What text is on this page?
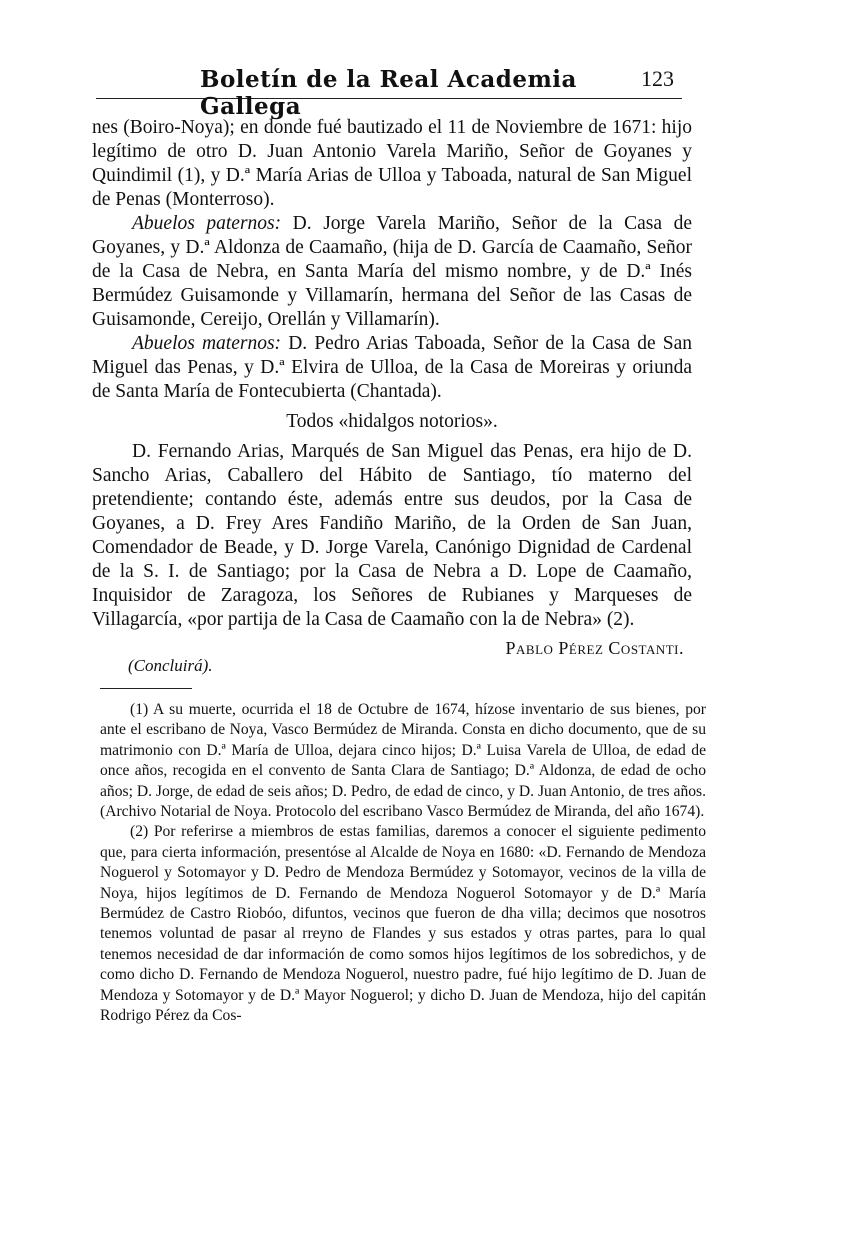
Boletín de la Real Academia Gallega
123

nes (Boiro-Noya); en donde fué bautizado el 11 de Noviembre de 1671: hijo legítimo de otro D. Juan Antonio Varela Mariño, Señor de Goyanes y Quindimil (1), y D.ª María Arias de Ulloa y Taboada, natural de San Miguel de Penas (Monterroso).

Abuelos paternos: D. Jorge Varela Mariño, Señor de la Casa de Goyanes, y D.ª Aldonza de Caamaño, (hija de D. García de Caamaño, Señor de la Casa de Nebra, en Santa María del mismo nombre, y de D.ª Inés Bermúdez Guisamonde y Villamarín, hermana del Señor de las Casas de Guisamonde, Cereijo, Orellán y Villamarín).

Abuelos maternos: D. Pedro Arias Taboada, Señor de la Casa de San Miguel das Penas, y D.ª Elvira de Ulloa, de la Casa de Moreiras y oriunda de Santa María de Fontecubierta (Chantada).

Todos «hidalgos notorios».

D. Fernando Arias, Marqués de San Miguel das Penas, era hijo de D. Sancho Arias, Caballero del Hábito de Santiago, tío materno del pretendiente; contando éste, además entre sus deudos, por la Casa de Goyanes, a D. Frey Ares Fandiño Mariño, de la Orden de San Juan, Comendador de Beade, y D. Jorge Varela, Canónigo Dignidad de Cardenal de la S. I. de Santiago; por la Casa de Nebra a D. Lope de Caamaño, Inquisidor de Zaragoza, los Señores de Rubianes y Marqueses de Villagarcía, «por partija de la Casa de Caamaño con la de Nebra» (2).

Pablo Pérez Costanti.
(Concluirá).

(1) A su muerte, ocurrida el 18 de Octubre de 1674, hízose inventario de sus bienes, por ante el escribano de Noya, Vasco Bermúdez de Miranda. Consta en dicho documento, que de su matrimonio con D.ª María de Ulloa, dejara cinco hijos; D.ª Luisa Varela de Ulloa, de edad de once años, recogida en el convento de Santa Clara de Santiago; D.ª Aldonza, de edad de ocho años; D. Jorge, de edad de seis años; D. Pedro, de edad de cinco, y D. Juan Antonio, de tres años. (Archivo Notarial de Noya. Protocolo del escribano Vasco Bermúdez de Miranda, del año 1674).

(2) Por referirse a miembros de estas familias, daremos a conocer el siguiente pedimento que, para cierta información, presentóse al Alcalde de Noya en 1680: «D. Fernando de Mendoza Noguerol y Sotomayor y D. Pedro de Mendoza Bermúdez y Sotomayor, vecinos de la villa de Noya, hijos legítimos de D. Fernando de Mendoza Noguerol Sotomayor y de D.ª María Bermúdez de Castro Riobóo, difuntos, vecinos que fueron de dha villa; decimos que nosotros tenemos voluntad de pasar al rreyno de Flandes y sus estados y otras partes, para lo qual tenemos necesidad de dar información de como somos hijos legítimos de los sobredichos, y de como dicho D. Fernando de Mendoza Noguerol, nuestro padre, fué hijo legítimo de D. Juan de Mendoza y Sotomayor y de D.ª Mayor Noguerol; y dicho D. Juan de Mendoza, hijo del capitán Rodrigo Pérez da Cos-
